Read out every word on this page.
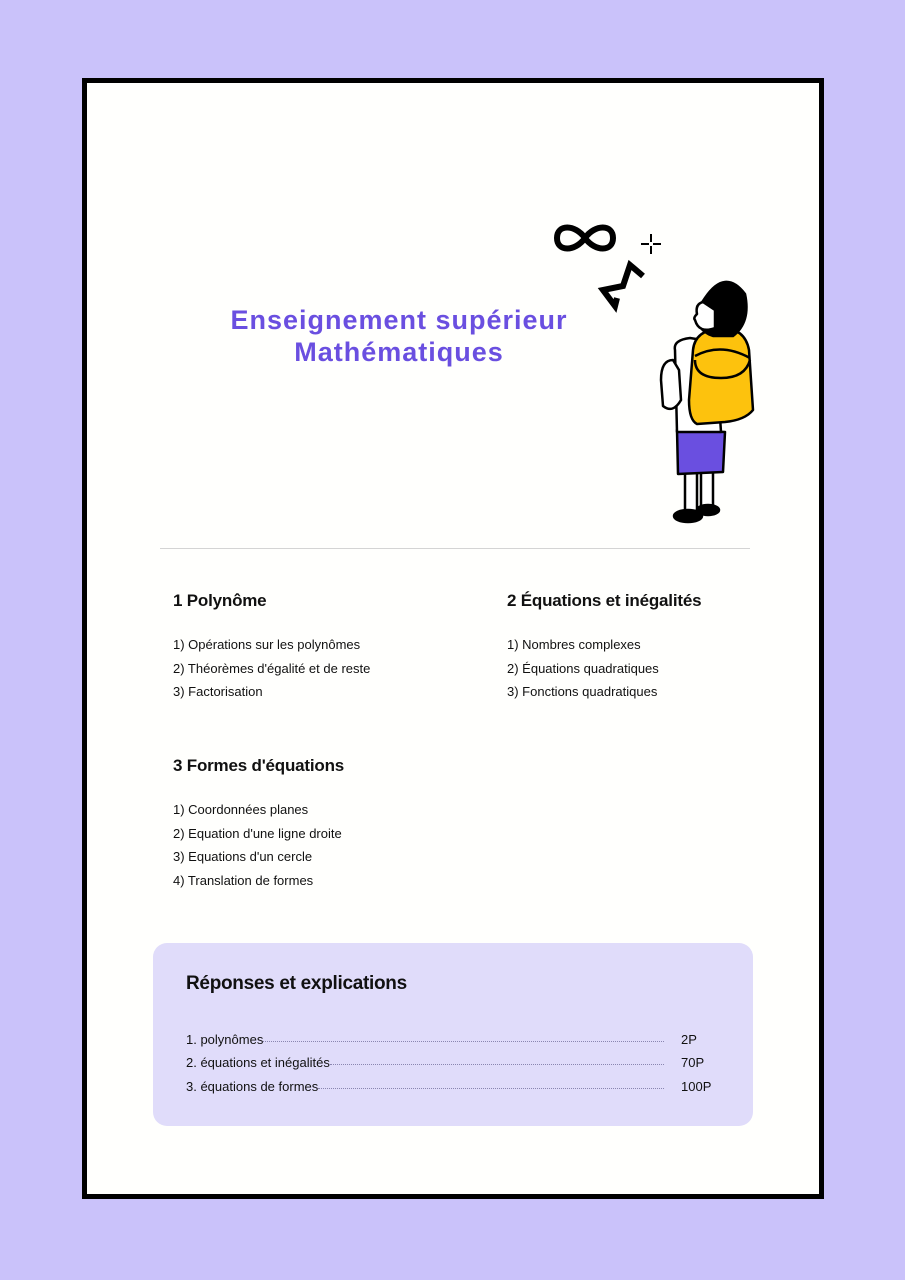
Enseignement supérieur
Mathématiques
1 Polynôme
1) Opérations sur les polynômes
2) Théorèmes d'égalité et de reste
3) Factorisation
2 Équations et inégalités
1) Nombres complexes
2) Équations quadratiques
3) Fonctions quadratiques
3 Formes d'équations
1) Coordonnées planes
2) Equation d'une ligne droite
3) Equations d'un cercle
4) Translation de formes
Réponses et explications
1. polynômes	2P
2. équations et inégalités	70P
3. équations de formes	100P
